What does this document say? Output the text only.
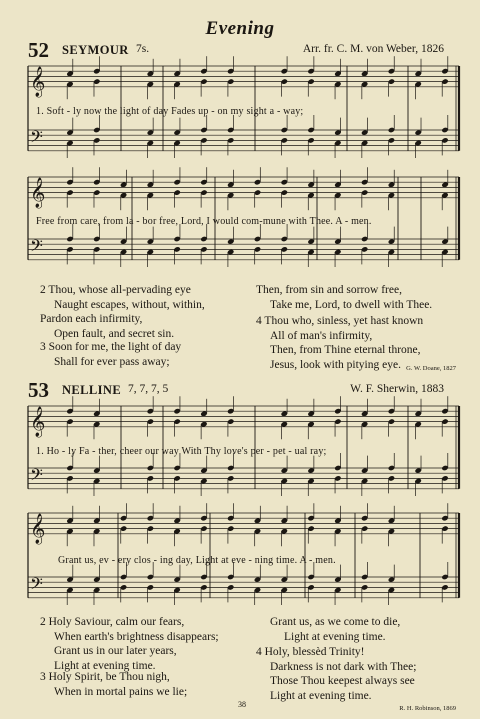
Evening
52 SEYMOUR 7s.	Arr. fr. C. M. von Weber, 1826
𝄞
𝄢
𝄞
𝄢
𝄞
𝄢
𝄞
𝄢
1. Soft - ly now the light of day Fades up - on my sight a - way;
Free from care, from la - bor free, Lord, I would com-mune with Thee. A - men.
2 Thou, whose all-pervading eye
Naught escapes, without, within,
Pardon each infirmity,
Open fault, and secret sin.
3 Soon for me, the light of day
Shall for ever pass away;
Then, from sin and sorrow free,
Take me, Lord, to dwell with Thee.
4 Thou who, sinless, yet hast known
All of man's infirmity,
Then, from Thine eternal throne,
Jesus, look with pitying eye. G. W. Doane, 1827
53 NELLINE 7, 7, 7, 5	W. F. Sherwin, 1883
1. Ho - ly Fa - ther, cheer our way With Thy love's per - pet - ual ray;
Grant us, ev - ery clos - ing day, Light at eve - ning time. A - men.
2 Holy Saviour, calm our fears,
When earth's brightness disappears;
Grant us in our later years,
Light at evening time.
3 Holy Spirit, be Thou nigh,
When in mortal pains we lie;
Grant us, as we come to die,
Light at evening time.
4 Holy, blessèd Trinity!
Darkness is not dark with Thee;
Those Thou keepest always see
Light at evening time.
R. H. Robinson, 1869
38
